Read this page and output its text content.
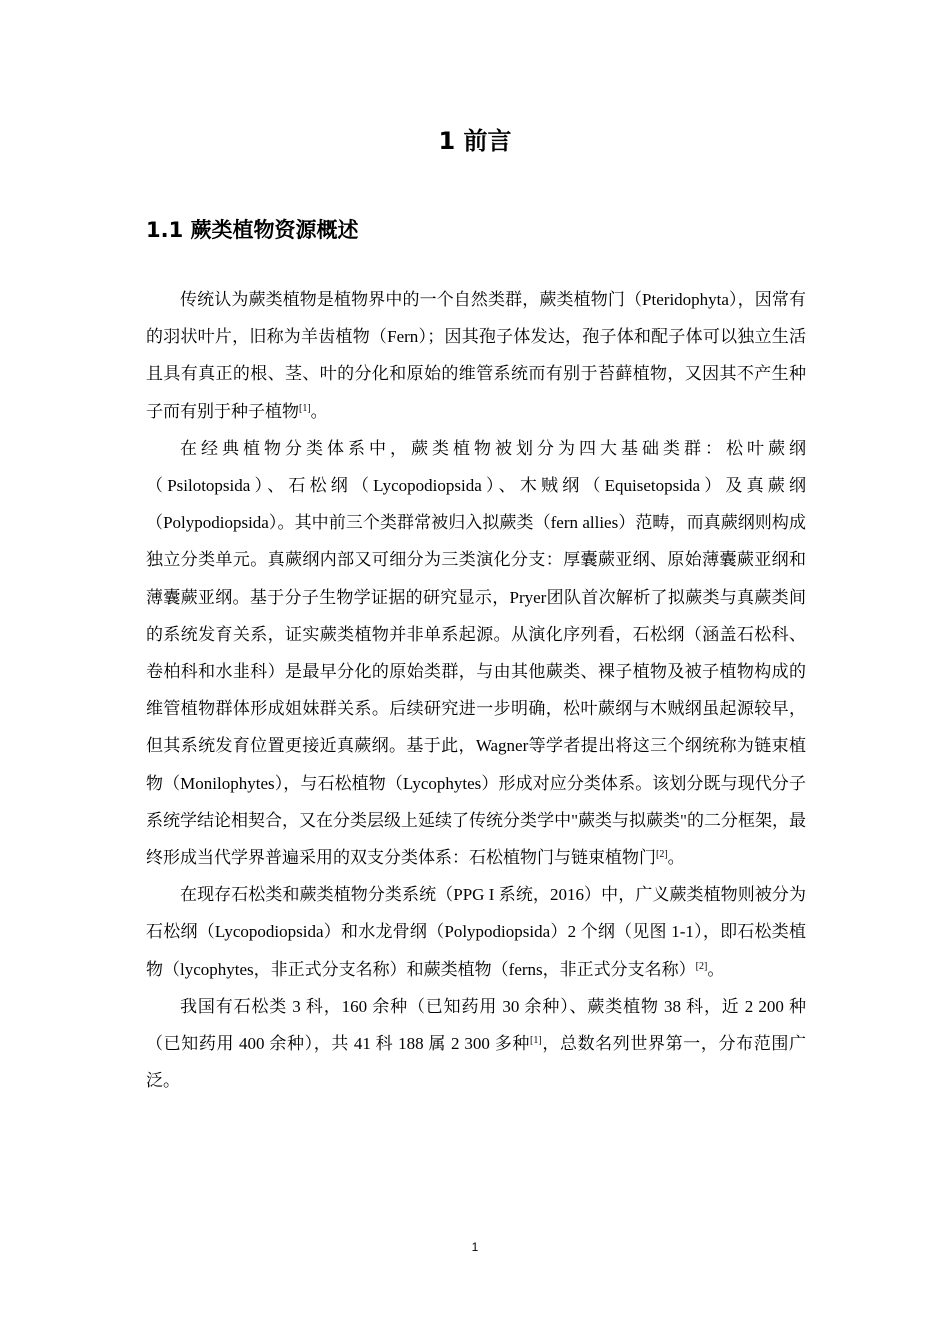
1 前言
1.1 蕨类植物资源概述

传统认为蕨类植物是植物界中的一个自然类群，蕨类植物门（Pteridophyta），因常有的羽状叶片，旧称为羊齿植物（Fern）；因其孢子体发达，孢子体和配子体可以独立生活且具有真正的根、茎、叶的分化和原始的维管系统而有别于苔藓植物，又因其不产生种子而有别于种子植物[1]。

在经典植物分类体系中，蕨类植物被划分为四大基础类群：松叶蕨纲（Psilotopsida）、石松纲（Lycopodiopsida）、木贼纲（Equisetopsida）及真蕨纲（Polypodiopsida）。其中前三个类群常被归入拟蕨类（fern allies）范畴，而真蕨纲则构成独立分类单元。真蕨纲内部又可细分为三类演化分支：厚囊蕨亚纲、原始薄囊蕨亚纲和薄囊蕨亚纲。基于分子生物学证据的研究显示，Pryer团队首次解析了拟蕨类与真蕨类间的系统发育关系，证实蕨类植物并非单系起源。从演化序列看，石松纲（涵盖石松科、卷柏科和水韭科）是最早分化的原始类群，与由其他蕨类、裸子植物及被子植物构成的维管植物群体形成姐妹群关系。后续研究进一步明确，松叶蕨纲与木贼纲虽起源较早，但其系统发育位置更接近真蕨纲。基于此，Wagner等学者提出将这三个纲统称为链束植物（Monilophytes），与石松植物（Lycophytes）形成对应分类体系。该划分既与现代分子系统学结论相契合，又在分类层级上延续了传统分类学中"蕨类与拟蕨类"的二分框架，最终形成当代学界普遍采用的双支分类体系：石松植物门与链束植物门[2]。

在现存石松类和蕨类植物分类系统（PPG I 系统，2016）中，广义蕨类植物则被分为石松纲（Lycopodiopsida）和水龙骨纲（Polypodiopsida）2 个纲（见图 1-1），即石松类植物（lycophytes，非正式分支名称）和蕨类植物（ferns，非正式分支名称）[2]。

我国有石松类 3 科，160 余种（已知药用 30 余种）、蕨类植物 38 科，近 2 200 种（已知药用 400 余种），共 41 科 188 属 2 300 多种[1]，总数名列世界第一，分布范围广泛。

1
